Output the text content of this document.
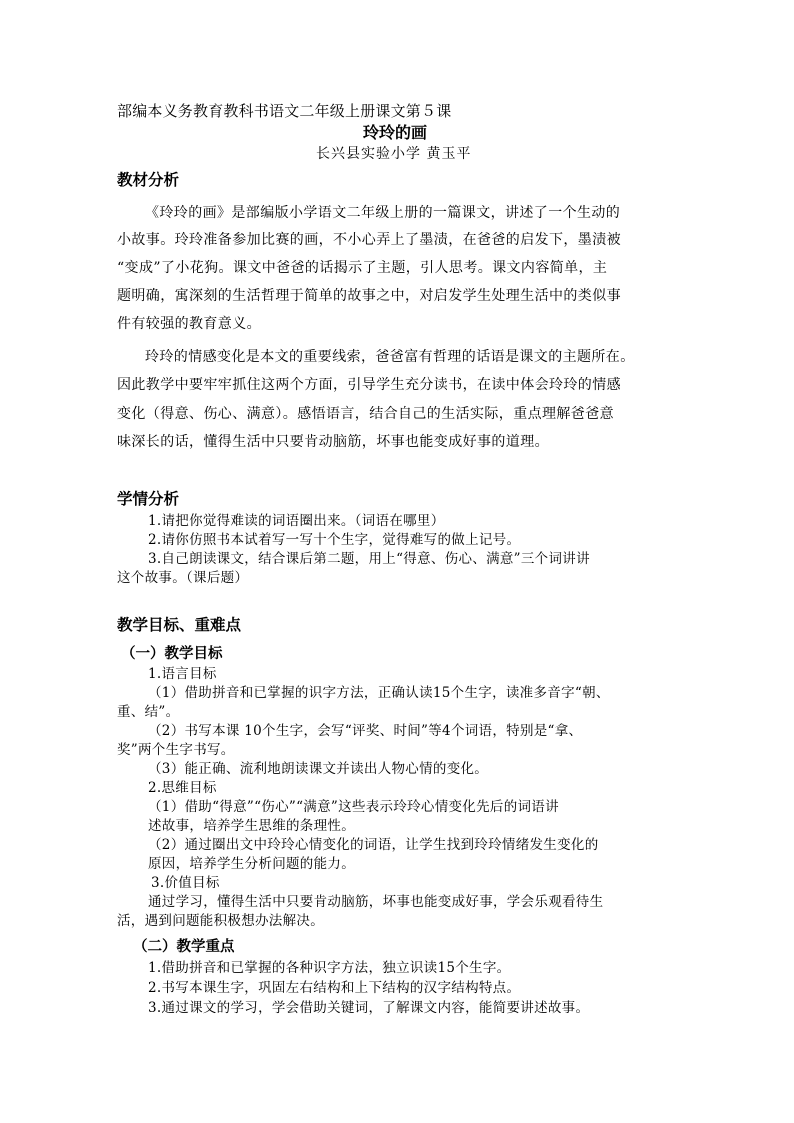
部编本义务教育教科书语文二年级上册课文第５课
玲玲的画
长兴县实验小学 黄玉平
教材分析
《玲玲的画》是部编版小学语文二年级上册的一篇课文，讲述了一个生动的
小故事。玲玲准备参加比赛的画，不小心弄上了墨渍，在爸爸的启发下，墨渍被
“变成”了小花狗。课文中爸爸的话揭示了主题，引人思考。课文内容简单，主
题明确，寓深刻的生活哲理于简单的故事之中，对启发学生处理生活中的类似事
件有较强的教育意义。
玲玲的情感变化是本文的重要线索，爸爸富有哲理的话语是课文的主题所在。
因此教学中要牢牢抓住这两个方面，引导学生充分读书，在读中体会玲玲的情感
变化（得意、伤心、满意）。感悟语言，结合自己的生活实际，重点理解爸爸意
味深长的话，懂得生活中只要肯动脑筋，坏事也能变成好事的道理。
学情分析
1.请把你觉得难读的词语圈出来。（词语在哪里）
2.请你仿照书本试着写一写十个生字，觉得难写的做上记号。
3.自己朗读课文，结合课后第二题，用上“得意、伤心、满意”三个词讲讲
这个故事。（课后题）
教学目标、重难点
（一）教学目标
1.语言目标
（1）借助拼音和已掌握的识字方法，正确认读15个生字，读准多音字“朝、
重、结”。
（2）书写本课 10个生字，会写“评奖、时间”等4个词语，特别是“拿、
奖”两个生字书写。
（3）能正确、流利地朗读课文并读出人物心情的变化。
2.思维目标
（1）借助“得意”“伤心”“满意”这些表示玲玲心情变化先后的词语讲
述故事，培养学生思维的条理性。
（2）通过圈出文中玲玲心情变化的词语，让学生找到玲玲情绪发生变化的
原因，培养学生分析问题的能力。
3.价值目标
通过学习，懂得生活中只要肯动脑筋，坏事也能变成好事，学会乐观看待生
活，遇到问题能积极想办法解决。
（二）教学重点
1.借助拼音和已掌握的各种识字方法，独立识读15个生字。
2.书写本课生字，巩固左右结构和上下结构的汉字结构特点。
3.通过课文的学习，学会借助关键词，了解课文内容，能简要讲述故事。
